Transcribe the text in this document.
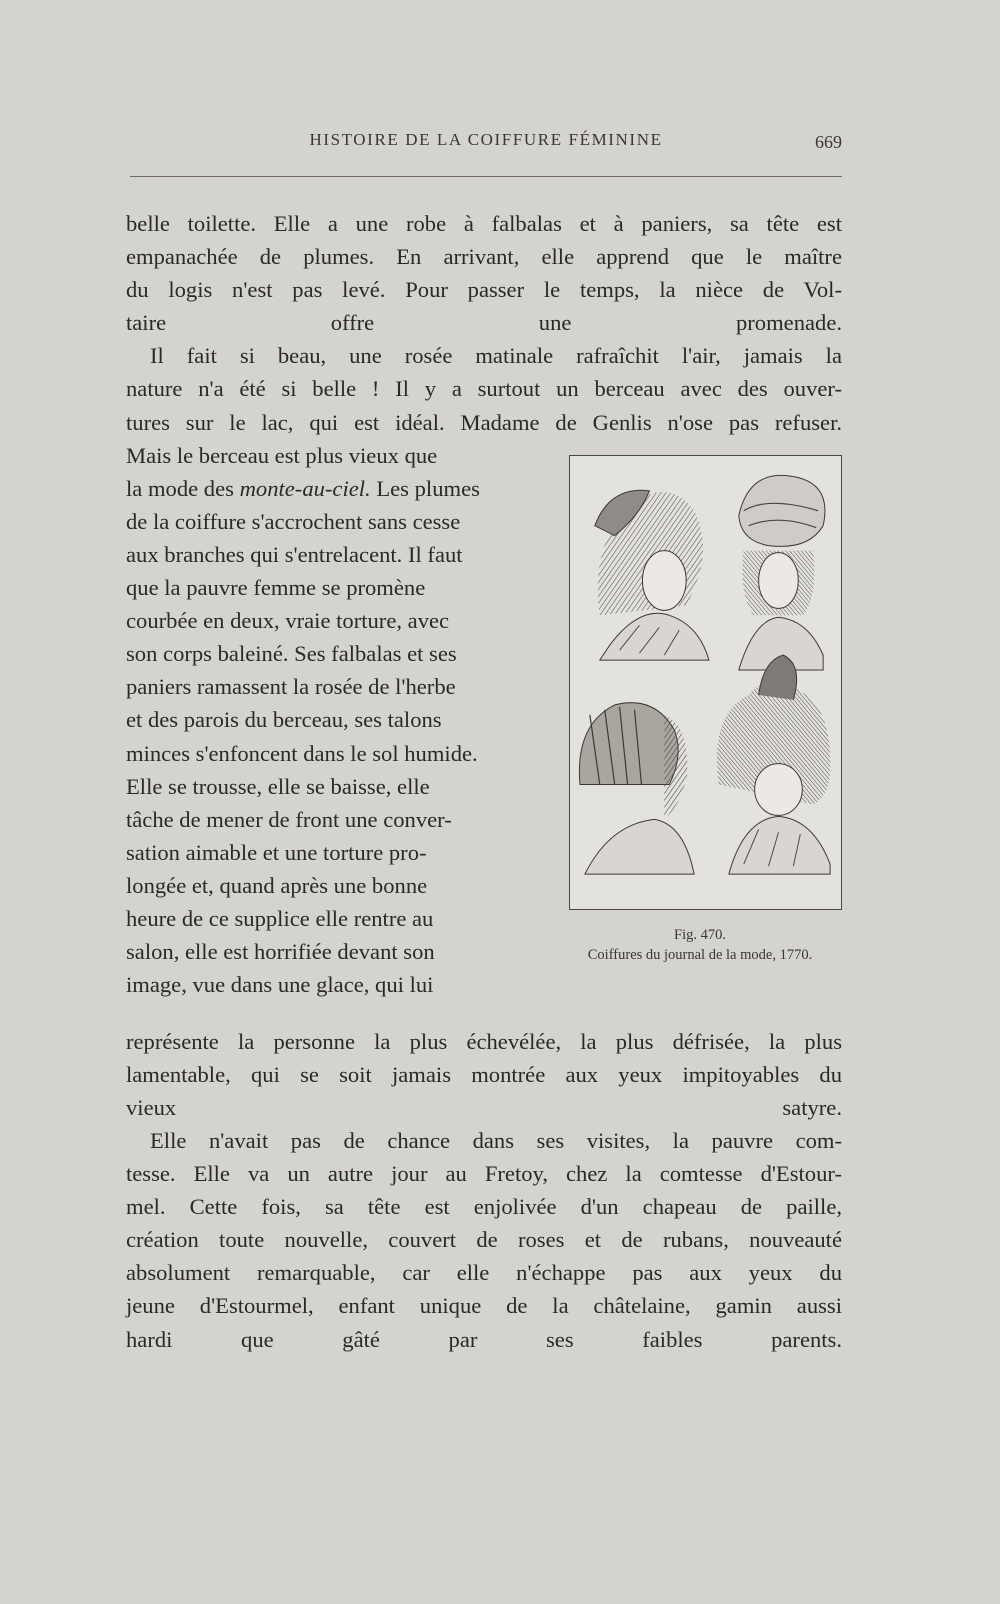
HISTOIRE DE LA COIFFURE FÉMININE	669

belle toilette. Elle a une robe à falbalas et à paniers, sa tête est
empanachée de plumes. En arrivant, elle apprend que le maître
du logis n'est pas levé. Pour passer le temps, la nièce de Vol-
taire offre une promenade.

Il fait si beau, une rosée matinale rafraîchit l'air, jamais la
nature n'a été si belle ! Il y a surtout un berceau avec des ouver-
tures sur le lac, qui est idéal. Madame de Genlis n'ose pas refuser.

Fig. 470.
Coiffures du journal de la mode, 1770.

Mais le berceau est plus vieux que
la mode des monte-au-ciel. Les plumes
de la coiffure s'accrochent sans cesse
aux branches qui s'entrelacent. Il faut
que la pauvre femme se promène
courbée en deux, vraie torture, avec
son corps baleiné. Ses falbalas et ses
paniers ramassent la rosée de l'herbe
et des parois du berceau, ses talons
minces s'enfoncent dans le sol humide.
Elle se trousse, elle se baisse, elle
tâche de mener de front une conver-
sation aimable et une torture pro-
longée et, quand après une bonne
heure de ce supplice elle rentre au
salon, elle est horrifiée devant son
image, vue dans une glace, qui lui

représente la personne la plus échevélée, la plus défrisée, la plus
lamentable, qui se soit jamais montrée aux yeux impitoyables du
vieux satyre.

Elle n'avait pas de chance dans ses visites, la pauvre com-
tesse. Elle va un autre jour au Fretoy, chez la comtesse d'Estour-
mel. Cette fois, sa tête est enjolivée d'un chapeau de paille,
création toute nouvelle, couvert de roses et de rubans, nouveauté
absolument remarquable, car elle n'échappe pas aux yeux du
jeune d'Estourmel, enfant unique de la châtelaine, gamin aussi
hardi que gâté par ses faibles parents.
